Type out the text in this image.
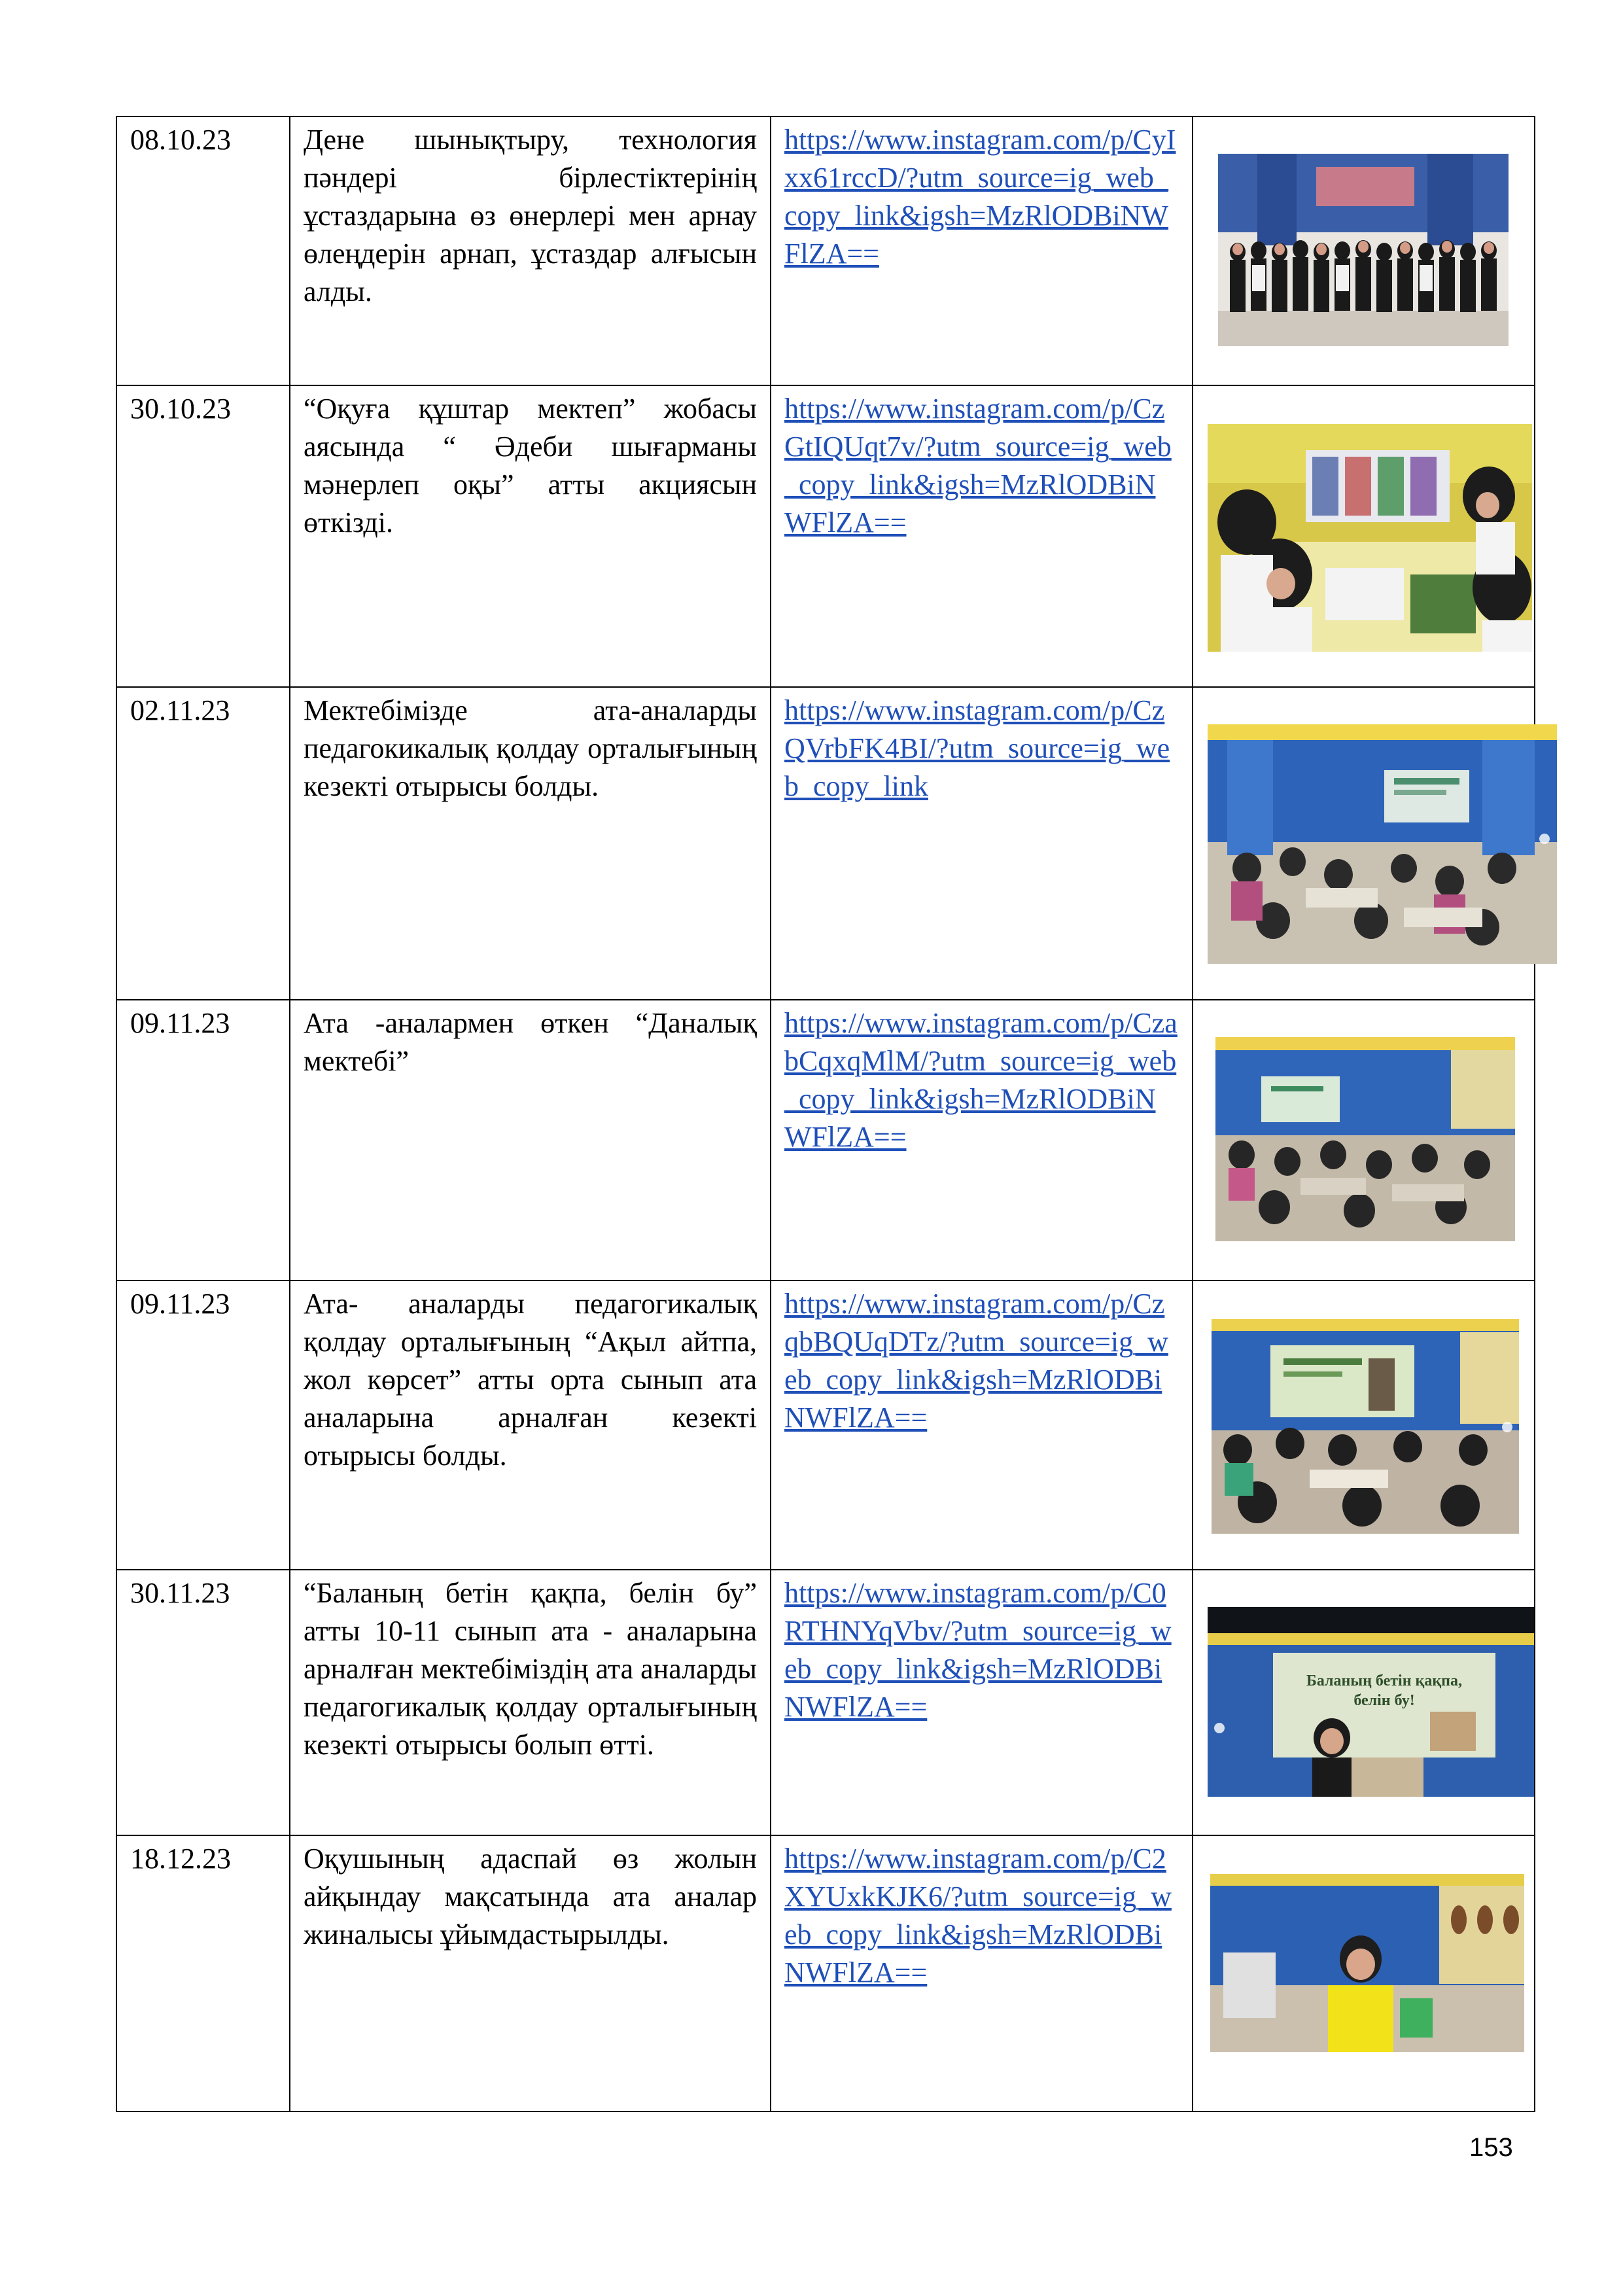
08.10.23	Дене шынықтыру, технология пәндері бірлестіктерінің ұстаздарына өз өнерлері мен арнау өлеңдерін арнап, ұстаздар алғысын алды.	https://www.instagram.com/p/CyIxx61rccD/?utm_source=ig_web_copy_link&igsh=MzRlODBiNWFlZA==	

30.10.23	“Оқуға құштар мектеп” жобасы аясында “ Әдеби шығарманы мәнерлеп оқы” атты акциясын өткізді.	https://www.instagram.com/p/CzGtIQUqt7v/?utm_source=ig_web_copy_link&igsh=MzRlODBiNWFlZA==	

02.11.23	Мектебімізде ата-аналарды педагокикалық қолдау орталығының кезекті отырысы болды.	https://www.instagram.com/p/CzQVrbFK4BI/?utm_source=ig_web_copy_link	

09.11.23	Ата -аналармен өткен “Даналық мектебі”	https://www.instagram.com/p/CzabCqxqMlM/?utm_source=ig_web_copy_link&igsh=MzRlODBiNWFlZA==	

09.11.23	Ата- аналарды педагогикалық қолдау орталығының “Ақыл айтпа, жол көрсет” атты орта сынып ата аналарына арналған кезекті отырысы болды.	https://www.instagram.com/p/CzqbBQUqDTz/?utm_source=ig_web_copy_link&igsh=MzRlODBiNWFlZA==	

30.11.23	“Баланың бетін қақпа, белін бу” атты 10-11 сынып ата - аналарына арналған мектебіміздің ата аналарды педагогикалық қолдау орталығының кезекті отырысы болып өтті.	https://www.instagram.com/p/C0RTHNYqVbv/?utm_source=ig_web_copy_link&igsh=MzRlODBiNWFlZA==	Баланың бетін қақпа,
белін бу!

18.12.23	Оқушының адаспай өз жолын айқындау мақсатында ата аналар жиналысы ұйымдастырылды.	https://www.instagram.com/p/C2XYUxkKJK6/?utm_source=ig_web_copy_link&igsh=MzRlODBiNWFlZA==	
153
